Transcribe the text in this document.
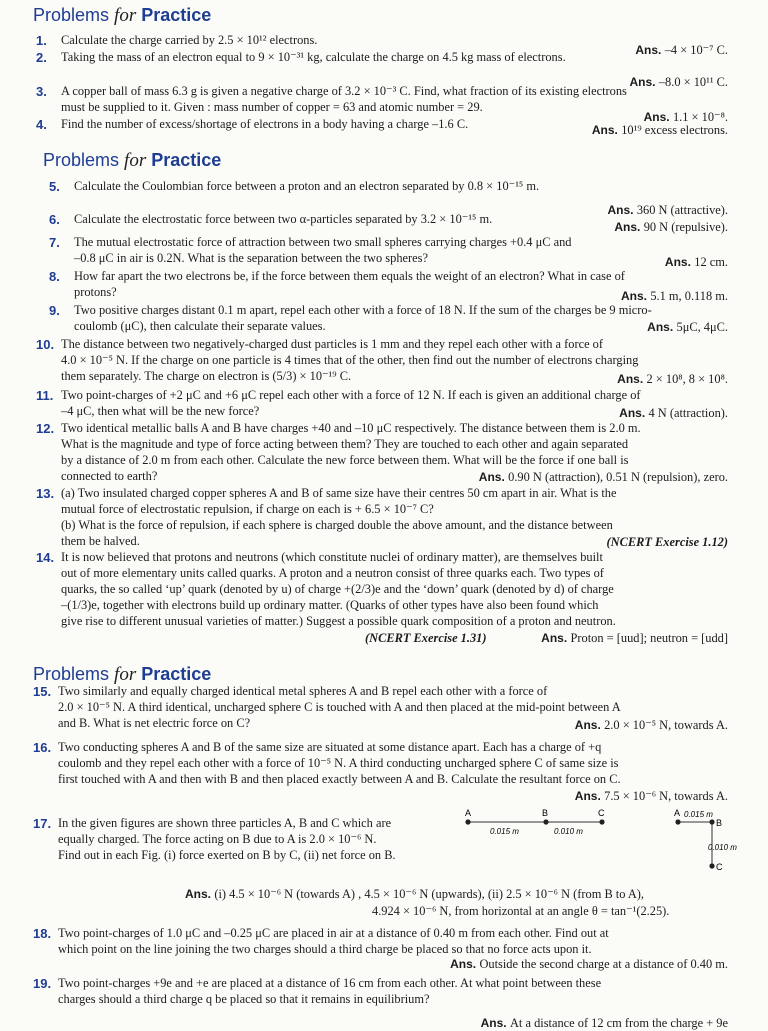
Problems for Practice
Problems for Practice
Problems for Practice
1. Calculate the charge carried by 2.5 × 10¹² electrons.
2. Taking the mass of an electron equal to 9 × 10⁻³¹ kg, calculate the charge on 4.5 kg mass of electrons.
3. A copper ball of mass 6.3 g is given a negative charge of 3.2 × 10⁻³ C. Find, what fraction of its existing electrons
must be supplied to it. Given : mass number of copper = 63 and atomic number = 29.
4. Find the number of excess/shortage of electrons in a body having a charge –1.6 C.
5. Calculate the Coulombian force between a proton and an electron separated by 0.8 × 10⁻¹⁵ m.
6. Calculate the electrostatic force between two α-particles separated by 3.2 × 10⁻¹⁵ m.
7. The mutual electrostatic force of attraction between two small spheres carrying charges +0.4 μC and
–0.8 μC in air is 0.2N. What is the separation between the two spheres?
8. How far apart the two electrons be, if the force between them equals the weight of an electron? What in case of
protons?
9. Two positive charges distant 0.1 m apart, repel each other with a force of 18 N. If the sum of the charges be 9 micro-
coulomb (μC), then calculate their separate values.
10. The distance between two negatively-charged dust particles is 1 mm and they repel each other with a force of
4.0 × 10⁻⁵ N. If the charge on one particle is 4 times that of the other, then find out the number of electrons charging
them separately. The charge on electron is (5/3) × 10⁻¹⁹ C.
11. Two point-charges of +2 μC and +6 μC repel each other with a force of 12 N. If each is given an additional charge of
–4 μC, then what will be the new force?
12. Two identical metallic balls A and B have charges +40 and –10 μC respectively. The distance between them is 2.0 m.
What is the magnitude and type of force acting between them? They are touched to each other and again separated
by a distance of 2.0 m from each other. Calculate the new force between them. What will be the force if one ball is
connected to earth?
13. (a) Two insulated charged copper spheres A and B of same size have their centres 50 cm apart in air. What is the
mutual force of electrostatic repulsion, if charge on each is + 6.5 × 10⁻⁷ C?
(b) What is the force of repulsion, if each sphere is charged double the above amount, and the distance between
them be halved.
14. It is now believed that protons and neutrons (which constitute nuclei of ordinary matter), are themselves built
out of more elementary units called quarks. A proton and a neutron consist of three quarks each. Two types of
quarks, the so called ‘up’ quark (denoted by u) of charge +(2/3)e and the ‘down’ quark (denoted by d) of charge
–(1/3)e, together with electrons build up ordinary matter. (Quarks of other types have also been found which
give rise to different unusual varieties of matter.) Suggest a possible quark composition of a proton and neutron.
15. Two similarly and equally charged identical metal spheres A and B repel each other with a force of
2.0 × 10⁻⁵ N. A third identical, uncharged sphere C is touched with A and then placed at the mid-point between A
and B. What is net electric force on C?
16. Two conducting spheres A and B of the same size are situated at some distance apart. Each has a charge of +q
coulomb and they repel each other with a force of 10⁻⁵ N. A third conducting uncharged sphere C of same size is
first touched with A and then with B and then placed exactly between A and B. Calculate the resultant force on C.
17. In the given figures are shown three particles A, B and C which are
equally charged. The force acting on B due to A is 2.0 × 10⁻⁶ N.
Find out in each Fig. (i) force exerted on B by C, (ii) net force on B.
18. Two point-charges of 1.0 μC and –0.25 μC are placed in air at a distance of 0.40 m from each other. Find out at
which point on the line joining the two charges should a third charge be placed so that no force acts upon it.
19. Two point-charges +9e and +e are placed at a distance of 16 cm from each other. At what point between these
charges should a third charge q be placed so that it remains in equilibrium?
A	B	C
0.015 m	0.010 m
A
B
C
0.015 m
0.010 m
Ans. –4 × 10⁻⁷ C.
Ans. –8.0 × 10¹¹ C.
Ans. 1.1 × 10⁻⁸.
Ans. 10¹⁹ excess electrons.
Ans. 360 N (attractive).
Ans. 90 N (repulsive).
Ans. 12 cm.
Ans. 5.1 m, 0.118 m.
Ans. 5μC, 4μC.
Ans. 2 × 10⁸, 8 × 10⁸.
Ans. 4 N (attraction).
Ans. 0.90 N (attraction), 0.51 N (repulsion), zero.
(NCERT Exercise 1.12)
(NCERT Exercise 1.31)	Ans. Proton = [uud]; neutron = [udd]
Ans. 2.0 × 10⁻⁵ N, towards A.
Ans. 7.5 × 10⁻⁶ N, towards A.
Ans. (i) 4.5 × 10⁻⁶ N (towards A) , 4.5 × 10⁻⁶ N (upwards), (ii) 2.5 × 10⁻⁶ N (from B to A),
4.924 × 10⁻⁶ N, from horizontal at an angle θ = tan⁻¹(2.25).
Ans. Outside the second charge at a distance of 0.40 m.
Ans. At a distance of 12 cm from the charge + 9e
